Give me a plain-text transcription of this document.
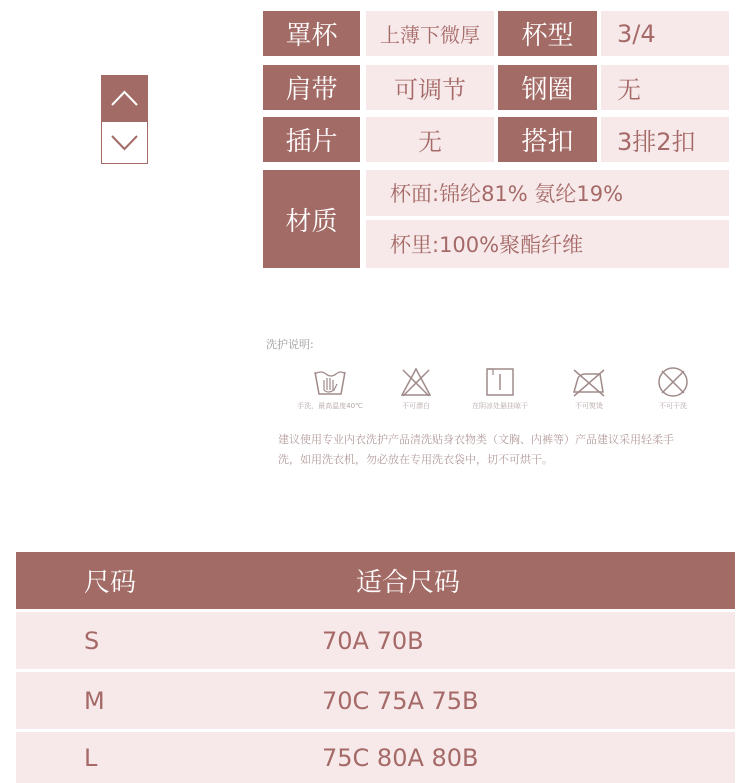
罩杯	上薄下微厚	杯型	3/4
肩带	可调节	钢圈	无
插片	无	搭扣	3排2扣
材质
杯面:锦纶81% 氨纶19%
杯里:100%聚酯纤维
洗护说明:
手洗，最高温度40℃	不可漂白	在阴凉处悬挂晾干	不可熨烫	不可干洗
建议使用专业内衣洗护产品清洗贴身衣物类（文胸、内裤等）产品建议采用轻柔手
洗，如用洗衣机，勿必放在专用洗衣袋中，切不可烘干。
尺码	适合尺码
S	70A 70B
M	70C 75A 75B
L	75C 80A 80B
